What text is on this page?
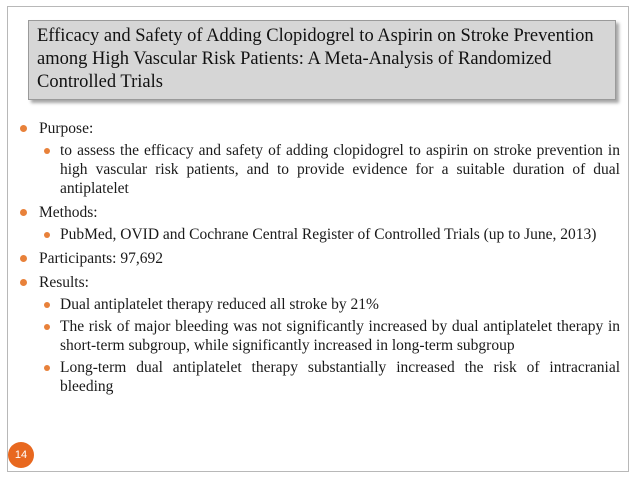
Efficacy and Safety of Adding Clopidogrel to Aspirin on Stroke Prevention among High Vascular Risk Patients: A Meta-Analysis of Randomized Controlled Trials

Purpose:
to assess the efficacy and safety of adding clopidogrel to aspirin on stroke prevention in high vascular risk patients, and to provide evidence for a suitable duration of dual antiplatelet
Methods:
PubMed, OVID and Cochrane Central Register of Controlled Trials (up to June, 2013)
Participants: 97,692
Results:
Dual antiplatelet therapy reduced all stroke by 21%
The risk of major bleeding was not significantly increased by dual antiplatelet therapy in short-term subgroup, while significantly increased in long-term subgroup
Long-term dual antiplatelet therapy substantially increased the risk of intracranial bleeding
14
